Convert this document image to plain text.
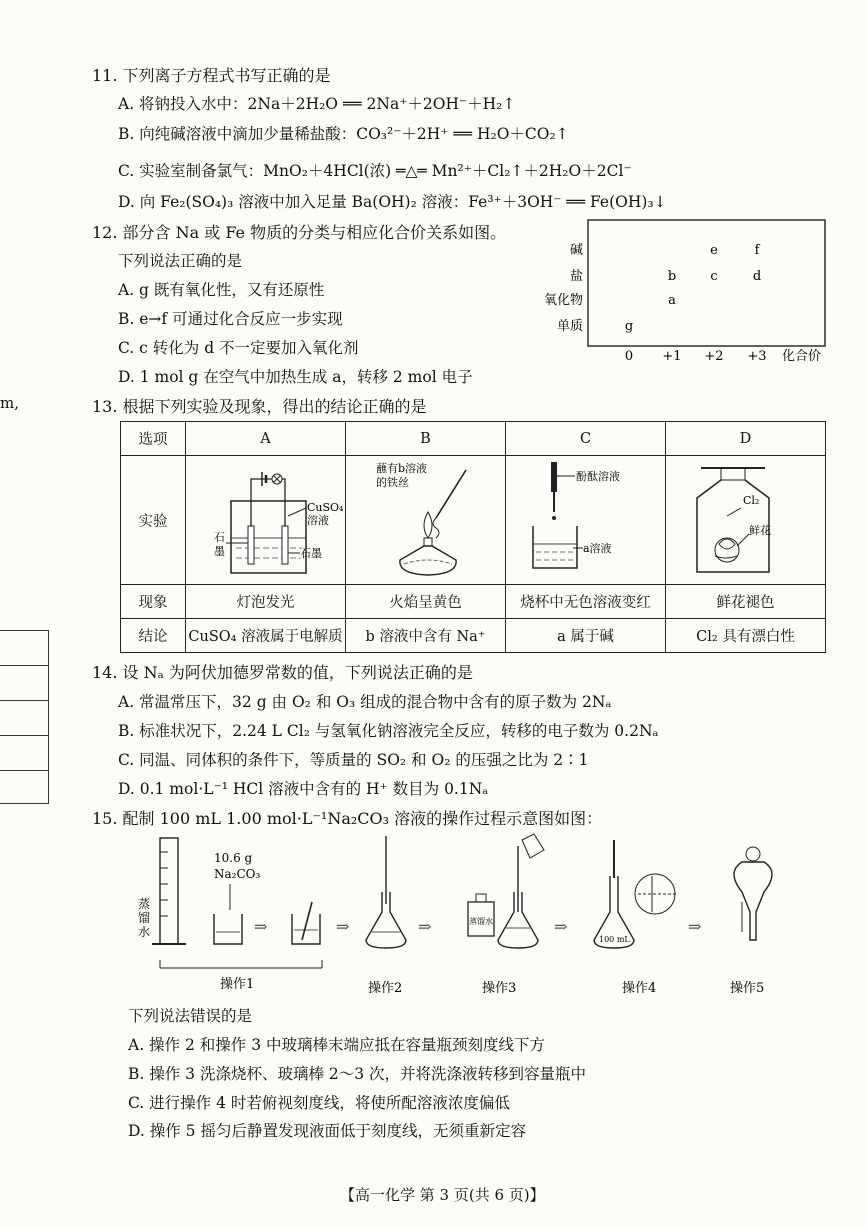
m,
11. 下列离子方程式书写正确的是
A. 将钠投入水中：2Na＋2H₂O ══ 2Na⁺＋2OH⁻＋H₂↑
B. 向纯碱溶液中滴加少量稀盐酸：CO₃²⁻＋2H⁺ ══ H₂O＋CO₂↑
C. 实验室制备氯气：MnO₂＋4HCl(浓) ═△═ Mn²⁺＋Cl₂↑＋2H₂O＋2Cl⁻
D. 向 Fe₂(SO₄)₃ 溶液中加入足量 Ba(OH)₂ 溶液：Fe³⁺＋3OH⁻ ══ Fe(OH)₃↓
12. 部分含 Na 或 Fe 物质的分类与相应化合价关系如图。
下列说法正确的是
A. g 既有氧化性，又有还原性
B. e→f 可通过化合反应一步实现
C. c 转化为 d 不一定要加入氧化剂
D. 1 mol g 在空气中加热生成 a，转移 2 mol 电子
碱
盐
氧化物
单质
0 +1 +2 +3
e	f
b	c	d
a
g
化合价
13. 根据下列实验及现象，得出的结论正确的是
选项	A	B	C	D
实验	CuSO₄
溶液
石
墨 石墨	蘸有b溶液
的铁丝	酚酞溶液
a溶液	Cl₂
鲜花

现象	灯泡发光	火焰呈黄色	烧杯中无色溶液变红	鲜花褪色
结论	CuSO₄ 溶液属于电解质	b 溶液中含有 Na⁺	a 属于碱	Cl₂ 具有漂白性
14. 设 Nₐ 为阿伏加德罗常数的值，下列说法正确的是
A. 常温常压下，32 g 由 O₂ 和 O₃ 组成的混合物中含有的原子数为 2Nₐ
B. 标准状况下，2.24 L Cl₂ 与氢氧化钠溶液完全反应，转移的电子数为 0.2Nₐ
C. 同温、同体积的条件下，等质量的 SO₂ 和 O₂ 的压强之比为 2∶1
D. 0.1 mol·L⁻¹ HCl 溶液中含有的 H⁺ 数目为 0.1Nₐ
15. 配制 100 mL 1.00 mol·L⁻¹Na₂CO₃ 溶液的操作过程示意图如图：
蒸
馏
水
10.6 g
Na₂CO₃
⇒
操作1
⇒
操作2
⇒	蒸馏水
操作3
⇒
100 mL
操作4
⇒
操作5
下列说法错误的是
A. 操作 2 和操作 3 中玻璃棒末端应抵在容量瓶颈刻度线下方
B. 操作 3 洗涤烧杯、玻璃棒 2～3 次，并将洗涤液转移到容量瓶中
C. 进行操作 4 时若俯视刻度线，将使所配溶液浓度偏低
D. 操作 5 摇匀后静置发现液面低于刻度线，无须重新定容
【高一化学 第 3 页(共 6 页)】
